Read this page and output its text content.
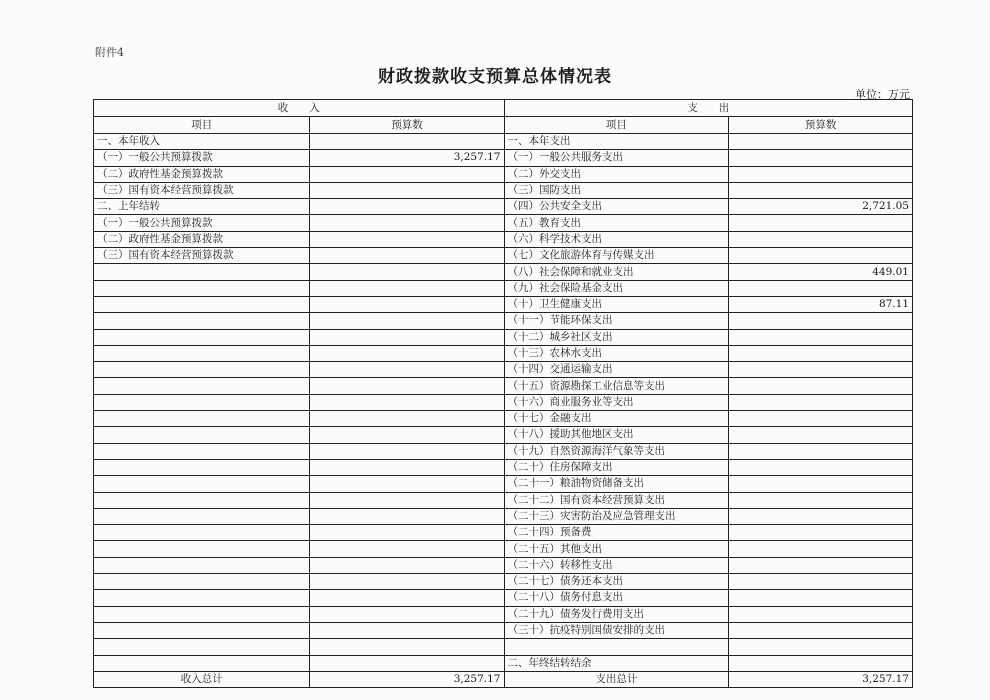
附件4
财政拨款收支预算总体情况表
单位：万元
收　　入		支　　出	
项目	预算数	项目	预算数
一、本年收入		一、本年支出	
（一）一般公共预算拨款	3,257.17	（一）一般公共服务支出	
（二）政府性基金预算拨款		（二）外交支出	
（三）国有资本经营预算拨款		（三）国防支出	
二、上年结转		（四）公共安全支出	2,721.05
（一）一般公共预算拨款		（五）教育支出	
（二）政府性基金预算拨款		（六）科学技术支出	
（三）国有资本经营预算拨款		（七）文化旅游体育与传媒支出	
		（八）社会保障和就业支出	449.01
		（九）社会保险基金支出	
		（十）卫生健康支出	87.11
		（十一）节能环保支出	
		（十二）城乡社区支出	
		（十三）农林水支出	
		（十四）交通运输支出	
		（十五）资源勘探工业信息等支出	
		（十六）商业服务业等支出	
		（十七）金融支出	
		（十八）援助其他地区支出	
		（十九）自然资源海洋气象等支出	
		（二十）住房保障支出	
		（二十一）粮油物资储备支出	
		（二十二）国有资本经营预算支出	
		（二十三）灾害防治及应急管理支出	
		（二十四）预备费	
		（二十五）其他支出	
		（二十六）转移性支出	
		（二十七）债务还本支出	
		（二十八）债务付息支出	
		（二十九）债务发行费用支出	
		（三十）抗疫特别国债安排的支出	

		二、年终结转结余	
收入总计	3,257.17	支出总计	3,257.17
